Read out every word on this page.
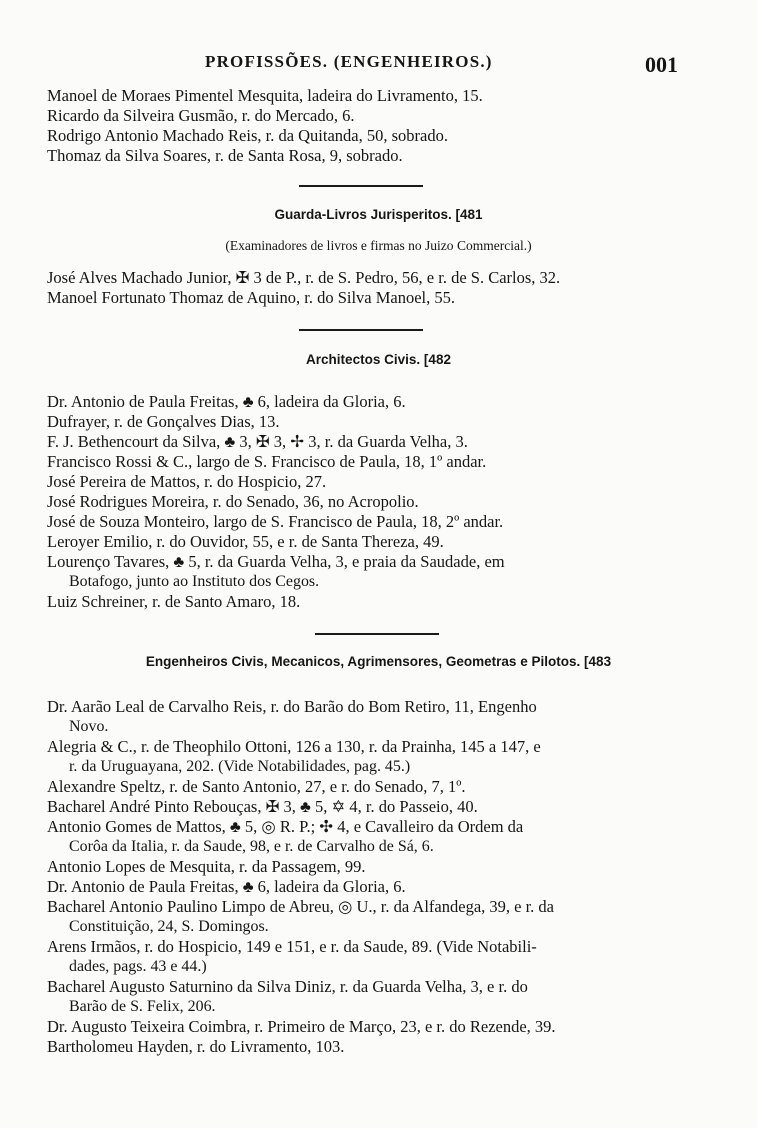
PROFISSÕES. (ENGENHEIROS.)	001
Manoel de Moraes Pimentel Mesquita, ladeira do Livramento, 15.
Ricardo da Silveira Gusmão, r. do Mercado, 6.
Rodrigo Antonio Machado Reis, r. da Quitanda, 50, sobrado.
Thomaz da Silva Soares, r. de Santa Rosa, 9, sobrado.
Guarda-Livros Jurisperitos. [481
(Examinadores de livros e firmas no Juizo Commercial.)
José Alves Machado Junior, ✠ 3 de P., r. de S. Pedro, 56, e r. de S. Carlos, 32.
Manoel Fortunato Thomaz de Aquino, r. do Silva Manoel, 55.
Architectos Civis. [482
Dr. Antonio de Paula Freitas, ♣ 6, ladeira da Gloria, 6.
Dufrayer, r. de Gonçalves Dias, 13.
F. J. Bethencourt da Silva, ♣ 3, ✠ 3, ✢ 3, r. da Guarda Velha, 3.
Francisco Rossi & C., largo de S. Francisco de Paula, 18, 1º andar.
José Pereira de Mattos, r. do Hospicio, 27.
José Rodrigues Moreira, r. do Senado, 36, no Acropolio.
José de Souza Monteiro, largo de S. Francisco de Paula, 18, 2º andar.
Leroyer Emilio, r. do Ouvidor, 55, e r. de Santa Thereza, 49.
Lourenço Tavares, ♣ 5, r. da Guarda Velha, 3, e praia da Saudade, em
Botafogo, junto ao Instituto dos Cegos.
Luiz Schreiner, r. de Santo Amaro, 18.
Engenheiros Civis, Mecanicos, Agrimensores, Geometras e Pilotos. [483
Dr. Aarão Leal de Carvalho Reis, r. do Barão do Bom Retiro, 11, Engenho
Novo.
Alegria & C., r. de Theophilo Ottoni, 126 a 130, r. da Prainha, 145 a 147, e
r. da Uruguayana, 202. (Vide Notabilidades, pag. 45.)
Alexandre Speltz, r. de Santo Antonio, 27, e r. do Senado, 7, 1º.
Bacharel André Pinto Rebouças, ✠ 3, ♣ 5, ✡ 4, r. do Passeio, 40.
Antonio Gomes de Mattos, ♣ 5, ◎ R. P.; ✣ 4, e Cavalleiro da Ordem da
Corôa da Italia, r. da Saude, 98, e r. de Carvalho de Sá, 6.
Antonio Lopes de Mesquita, r. da Passagem, 99.
Dr. Antonio de Paula Freitas, ♣ 6, ladeira da Gloria, 6.
Bacharel Antonio Paulino Limpo de Abreu, ◎ U., r. da Alfandega, 39, e r. da
Constituição, 24, S. Domingos.
Arens Irmãos, r. do Hospicio, 149 e 151, e r. da Saude, 89. (Vide Notabili-
dades, pags. 43 e 44.)
Bacharel Augusto Saturnino da Silva Diniz, r. da Guarda Velha, 3, e r. do
Barão de S. Felix, 206.
Dr. Augusto Teixeira Coimbra, r. Primeiro de Março, 23, e r. do Rezende, 39.
Bartholomeu Hayden, r. do Livramento, 103.
